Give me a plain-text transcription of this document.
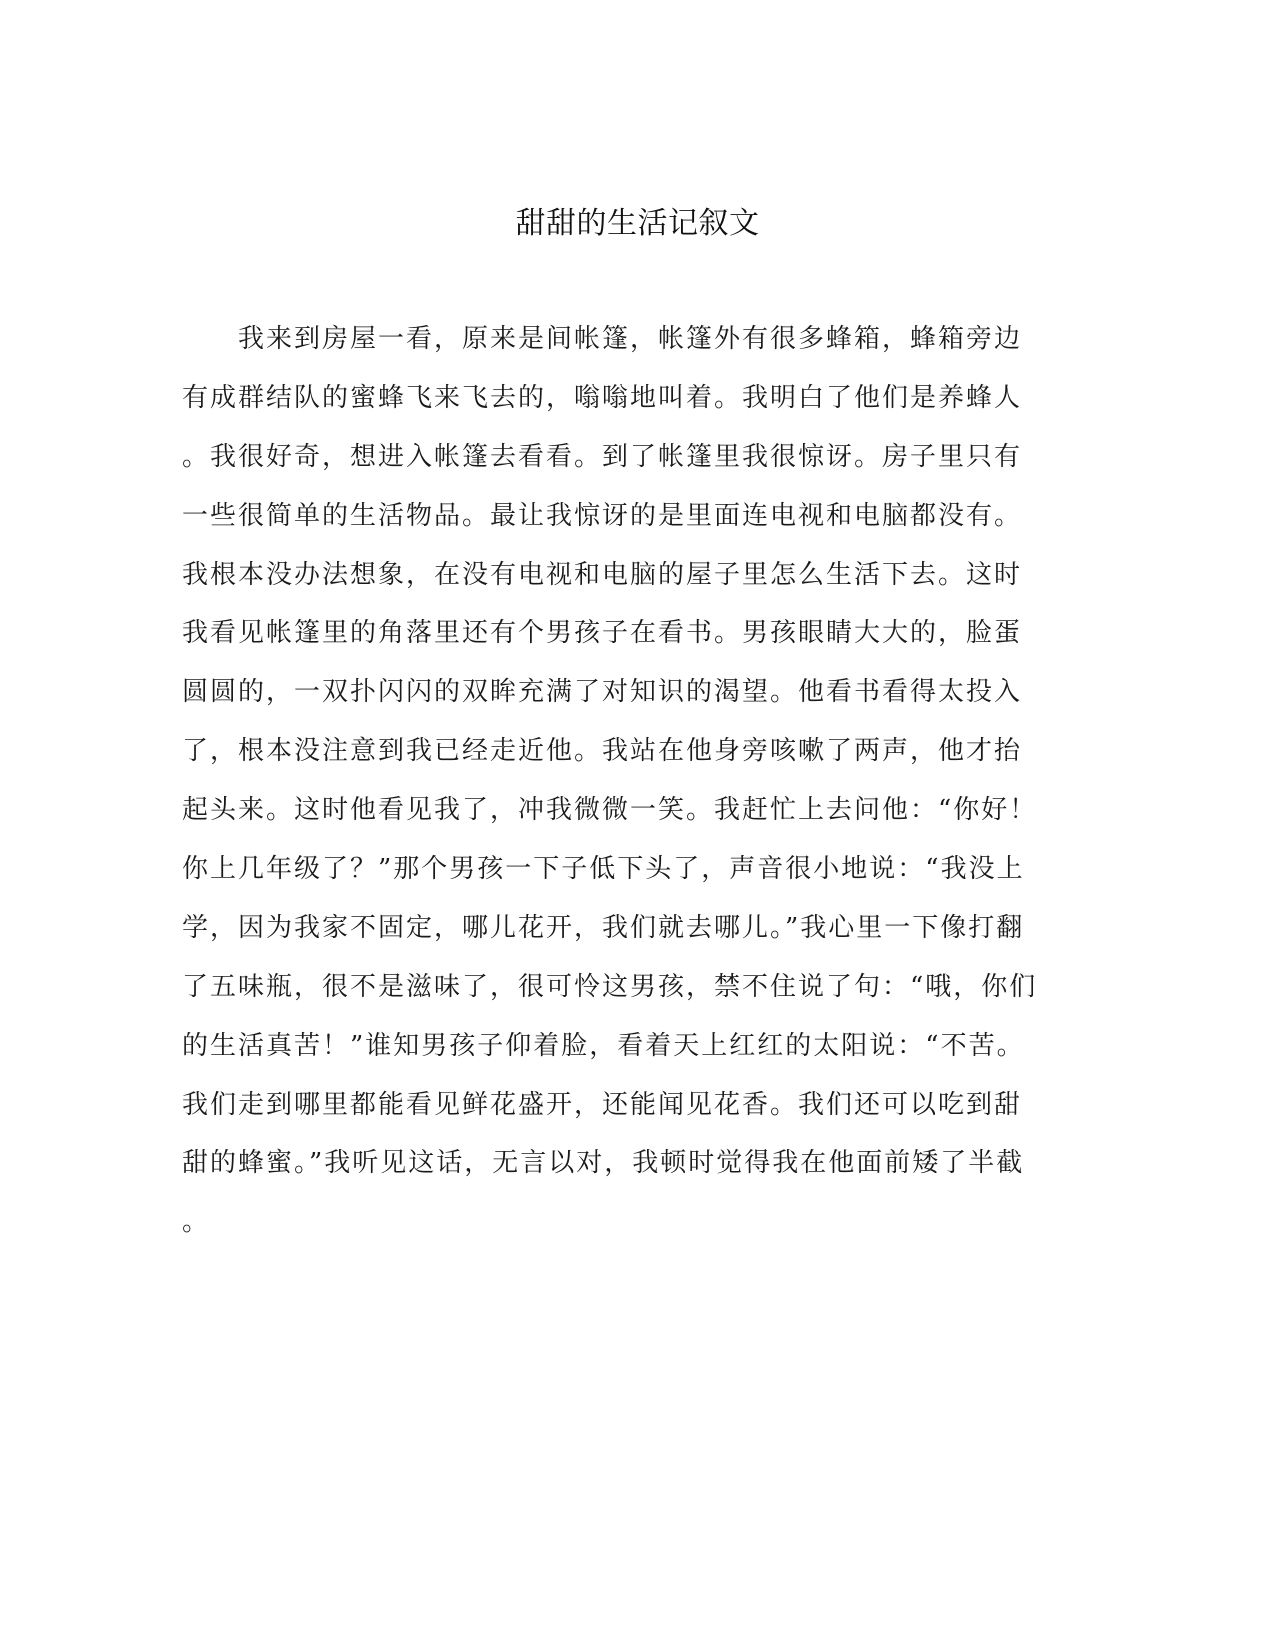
甜甜的生活记叙文
　　我来到房屋一看，原来是间帐篷，帐篷外有很多蜂箱，蜂箱旁边
有成群结队的蜜蜂飞来飞去的，嗡嗡地叫着。我明白了他们是养蜂人
。我很好奇，想进入帐篷去看看。到了帐篷里我很惊讶。房子里只有
一些很简单的生活物品。最让我惊讶的是里面连电视和电脑都没有。
我根本没办法想象，在没有电视和电脑的屋子里怎么生活下去。这时
我看见帐篷里的角落里还有个男孩子在看书。男孩眼睛大大的，脸蛋
圆圆的，一双扑闪闪的双眸充满了对知识的渴望。他看书看得太投入
了，根本没注意到我已经走近他。我站在他身旁咳嗽了两声，他才抬
起头来。这时他看见我了，冲我微微一笑。我赶忙上去问他：“你好！
你上几年级了？”那个男孩一下子低下头了，声音很小地说：“我没上
学，因为我家不固定，哪儿花开，我们就去哪儿。”我心里一下像打翻
了五味瓶，很不是滋味了，很可怜这男孩，禁不住说了句：“哦，你们
的生活真苦！”谁知男孩子仰着脸，看着天上红红的太阳说：“不苦。
我们走到哪里都能看见鲜花盛开，还能闻见花香。我们还可以吃到甜
甜的蜂蜜。”我听见这话，无言以对，我顿时觉得我在他面前矮了半截
。
